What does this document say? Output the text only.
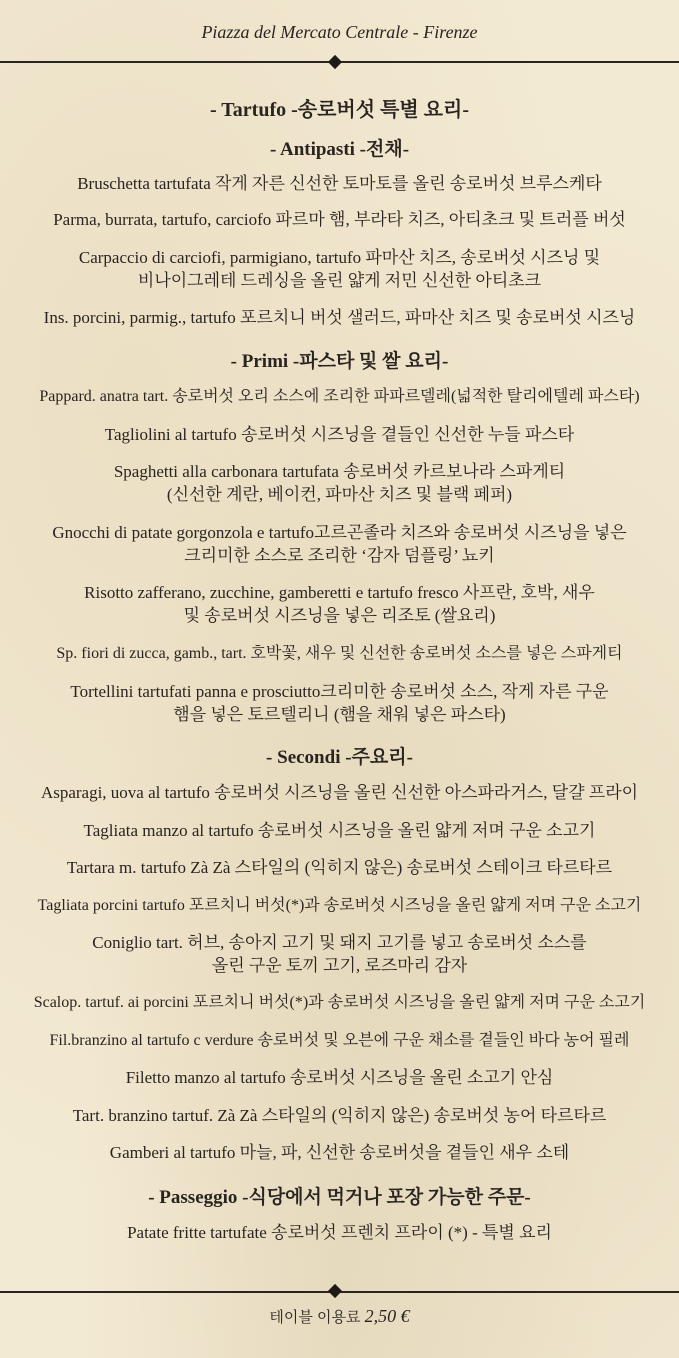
Piazza del Mercato Centrale - Firenze
- Tartufo -송로버섯 특별 요리-
- Antipasti -전채-
Bruschetta tartufata 작게 자른 신선한 토마토를 올린 송로버섯 브루스케타
Parma, burrata, tartufo, carciofo 파르마 햄, 부라타 치즈, 아티초크 및 트러플 버섯
Carpaccio di carciofi, parmigiano, tartufo 파마산 치즈, 송로버섯 시즈닝 및
비나이그레테 드레싱을 올린 얇게 저민 신선한 아티초크
Ins. porcini, parmig., tartufo 포르치니 버섯 샐러드, 파마산 치즈 및 송로버섯 시즈닝
- Primi -파스타 및 쌀 요리-
Pappard. anatra tart. 송로버섯 오리 소스에 조리한 파파르델레(넓적한 탈리에텔레 파스타)
Tagliolini al tartufo 송로버섯 시즈닝을 곁들인 신선한 누들 파스타
Spaghetti alla carbonara tartufata 송로버섯 카르보나라 스파게티
(신선한 계란, 베이컨, 파마산 치즈 및 블랙 페퍼)
Gnocchi di patate gorgonzola e tartufo고르곤졸라 치즈와 송로버섯 시즈닝을 넣은
크리미한 소스로 조리한 ‘감자 덤플링’ 뇨키
Risotto zafferano, zucchine, gamberetti e tartufo fresco 사프란, 호박, 새우
및 송로버섯 시즈닝을 넣은 리조토 (쌀요리)
Sp. fiori di zucca, gamb., tart. 호박꽃, 새우 및 신선한 송로버섯 소스를 넣은 스파게티
Tortellini tartufati panna e prosciutto크리미한 송로버섯 소스, 작게 자른 구운
햄을 넣은 토르텔리니 (햄을 채워 넣은 파스타)
- Secondi -주요리-
Asparagi, uova al tartufo 송로버섯 시즈닝을 올린 신선한 아스파라거스, 달걀 프라이
Tagliata manzo al tartufo 송로버섯 시즈닝을 올린 얇게 저며 구운 소고기
Tartara m. tartufo Zà Zà 스타일의 (익히지 않은) 송로버섯 스테이크 타르타르
Tagliata porcini tartufo 포르치니 버섯(*)과 송로버섯 시즈닝을 올린 얇게 저며 구운 소고기
Coniglio tart. 허브, 송아지 고기 및 돼지 고기를 넣고 송로버섯 소스를
올린 구운 토끼 고기, 로즈마리 감자
Scalop. tartuf. ai porcini 포르치니 버섯(*)과 송로버섯 시즈닝을 올린 얇게 저며 구운 소고기
Fil.branzino al tartufo c verdure 송로버섯 및 오븐에 구운 채소를 곁들인 바다 농어 필레
Filetto manzo al tartufo 송로버섯 시즈닝을 올린 소고기 안심
Tart. branzino tartuf. Zà Zà 스타일의 (익히지 않은) 송로버섯 농어 타르타르
Gamberi al tartufo 마늘, 파, 신선한 송로버섯을 곁들인 새우 소테
- Passeggio -식당에서 먹거나 포장 가능한 주문-
Patate fritte tartufate 송로버섯 프렌치 프라이 (*) - 특별 요리
테이블 이용료 2,50 €
